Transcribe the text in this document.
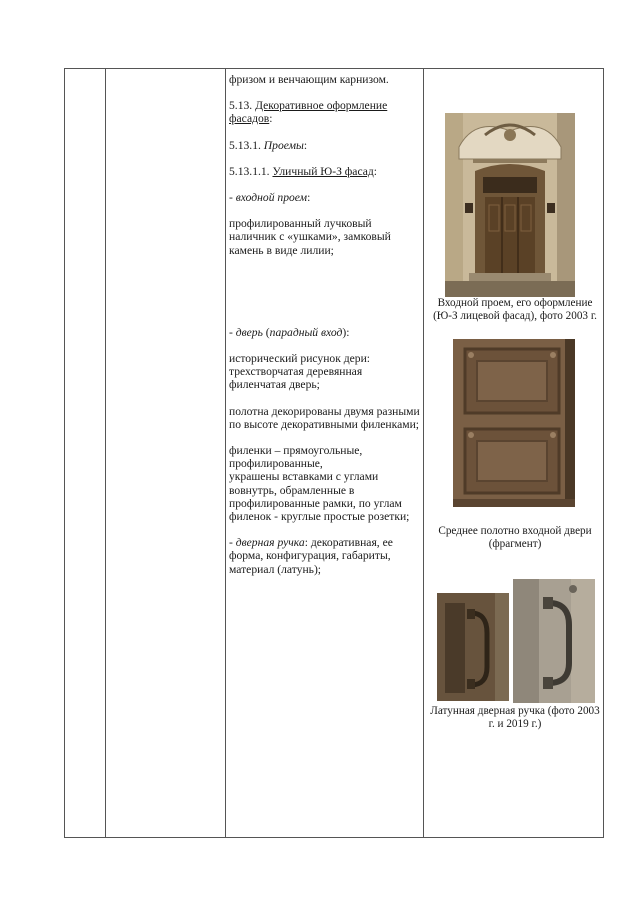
фризом и венчающим карнизом.

5.13. Декоративное оформление фасадов:

5.13.1. Проемы:

5.13.1.1. Уличный Ю-З фасад:

- входной проем:

профилированный лучковый наличник с «ушками», замковый камень в виде лилии;

- дверь (парадный вход):

исторический рисунок дери: трехстворчатая деревянная филенчатая дверь;

полотна декорированы двумя разными по высоте декоративными филенками;

филенки – прямоугольные, профилированные,
украшены вставками с углами вовнутрь, обрамленные в профилированные рамки, по углам филенок - круглые простые розетки;

- дверная ручка: декоративная, ее форма, конфигурация, габариты, материал (латунь);

Входной проем, его оформление (Ю-З лицевой фасад), фото 2003 г.
Среднее полотно входной двери (фрагмент)
Латунная дверная ручка (фото 2003 г. и 2019 г.)
